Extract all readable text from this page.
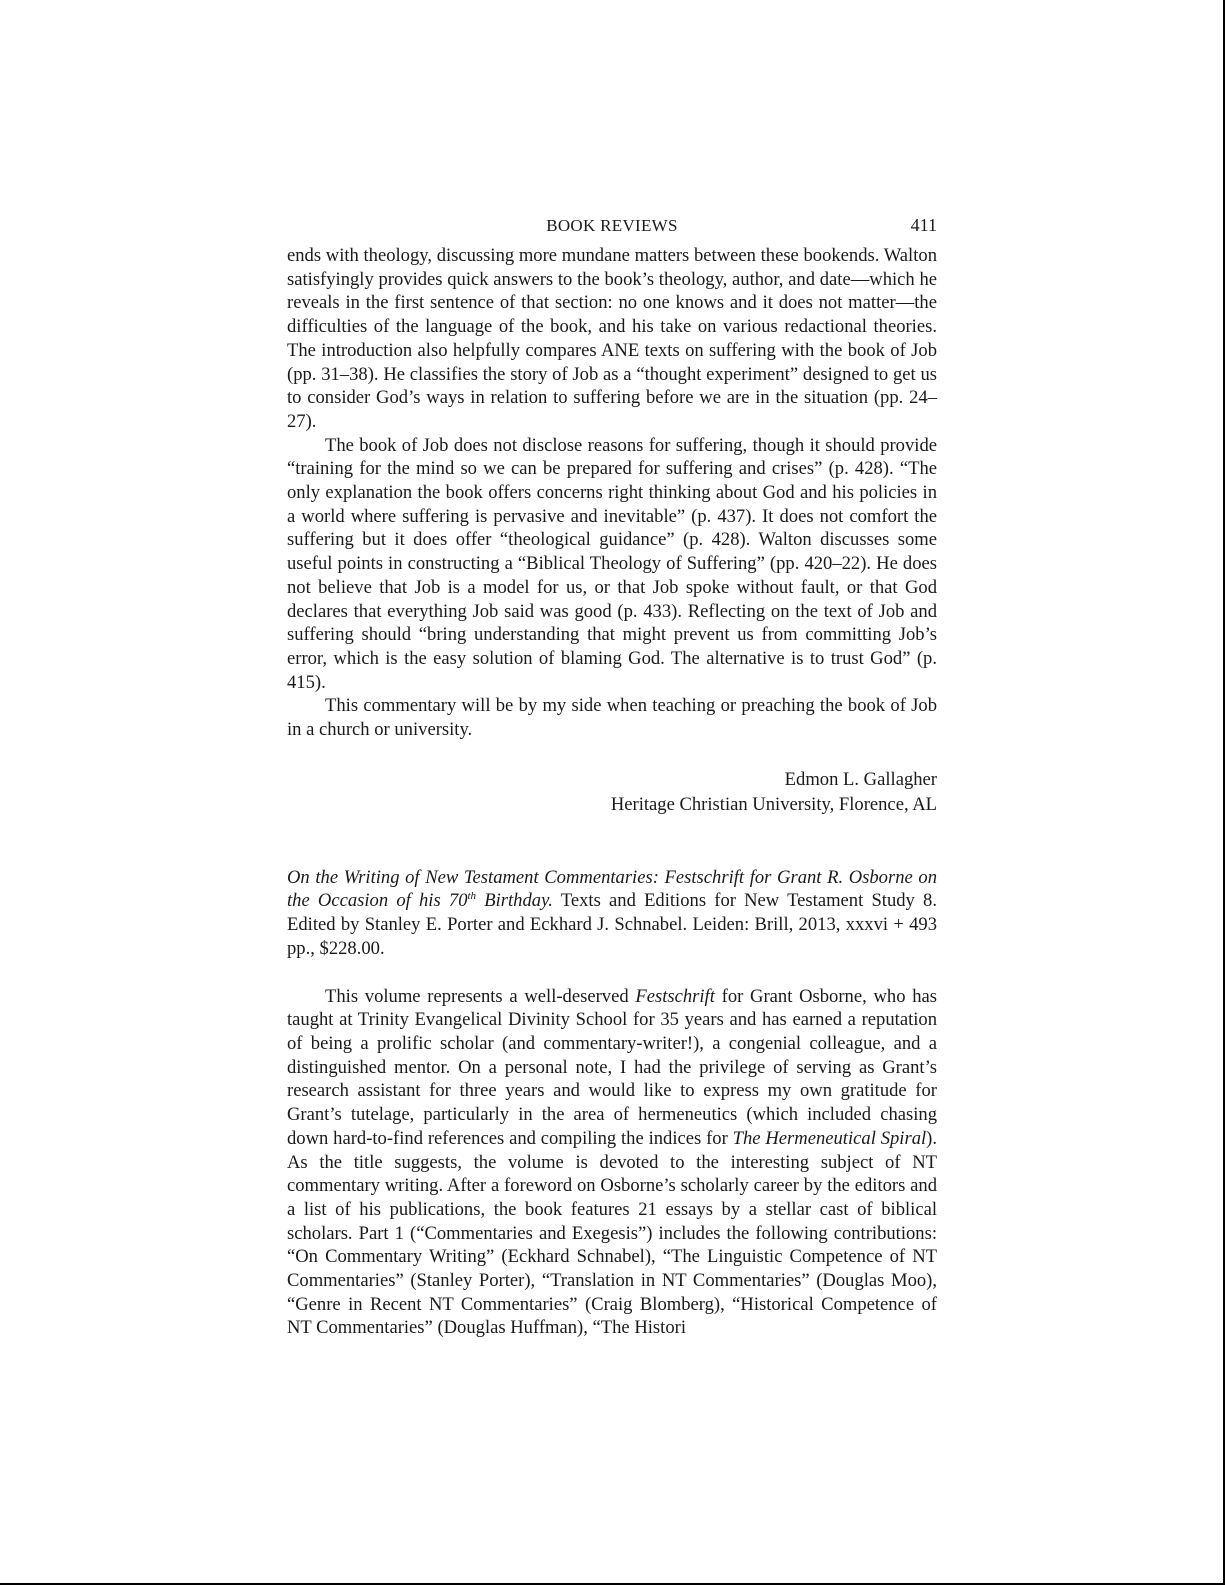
BOOK REVIEWS	411

ends with theology, discussing more mundane matters between these bookends. Walton satisfyingly provides quick answers to the book’s theology, author, and date—which he reveals in the first sentence of that section: no one knows and it does not matter—the difficulties of the language of the book, and his take on various redactional theories. The introduction also helpfully compares ANE texts on suffering with the book of Job (pp. 31–38). He classifies the story of Job as a “thought experiment” designed to get us to consider God’s ways in relation to suffering before we are in the situation (pp. 24–27).

The book of Job does not disclose reasons for suffering, though it should provide “training for the mind so we can be prepared for suffering and crises” (p. 428). “The only explanation the book offers concerns right thinking about God and his policies in a world where suffering is pervasive and inevitable” (p. 437). It does not comfort the suffering but it does offer “theological guidance” (p. 428). Walton discusses some useful points in constructing a “Biblical Theology of Suffering” (pp. 420–22). He does not believe that Job is a model for us, or that Job spoke without fault, or that God declares that everything Job said was good (p. 433). Reflecting on the text of Job and suffering should “bring understanding that might prevent us from committing Job’s error, which is the easy solution of blaming God. The alternative is to trust God” (p. 415).

This commentary will be by my side when teaching or preaching the book of Job in a church or university.

Edmon L. Gallagher
Heritage Christian University, Florence, AL

On the Writing of New Testament Commentaries: Festschrift for Grant R. Osborne on the Occasion of his 70th Birthday. Texts and Editions for New Testament Study 8. Edited by Stanley E. Porter and Eckhard J. Schnabel. Leiden: Brill, 2013, xxxvi + 493 pp., $228.00.

This volume represents a well-deserved Festschrift for Grant Osborne, who has taught at Trinity Evangelical Divinity School for 35 years and has earned a reputation of being a prolific scholar (and commentary-writer!), a congenial colleague, and a distinguished mentor. On a personal note, I had the privilege of serving as Grant’s research assistant for three years and would like to express my own gratitude for Grant’s tutelage, particularly in the area of hermeneutics (which included chasing down hard-to-find references and compiling the indices for The Hermeneutical Spiral). As the title suggests, the volume is devoted to the interesting subject of NT commentary writing. After a foreword on Osborne’s scholarly career by the editors and a list of his publications, the book features 21 essays by a stellar cast of biblical scholars. Part 1 (“Commentaries and Exegesis”) includes the following contributions: “On Commentary Writing” (Eckhard Schnabel), “The Linguistic Competence of NT Commentaries” (Stanley Porter), “Translation in NT Commentaries” (Douglas Moo), “Genre in Recent NT Commentaries” (Craig Blomberg), “Historical Competence of NT Commentaries” (Douglas Huffman), “The Histori
